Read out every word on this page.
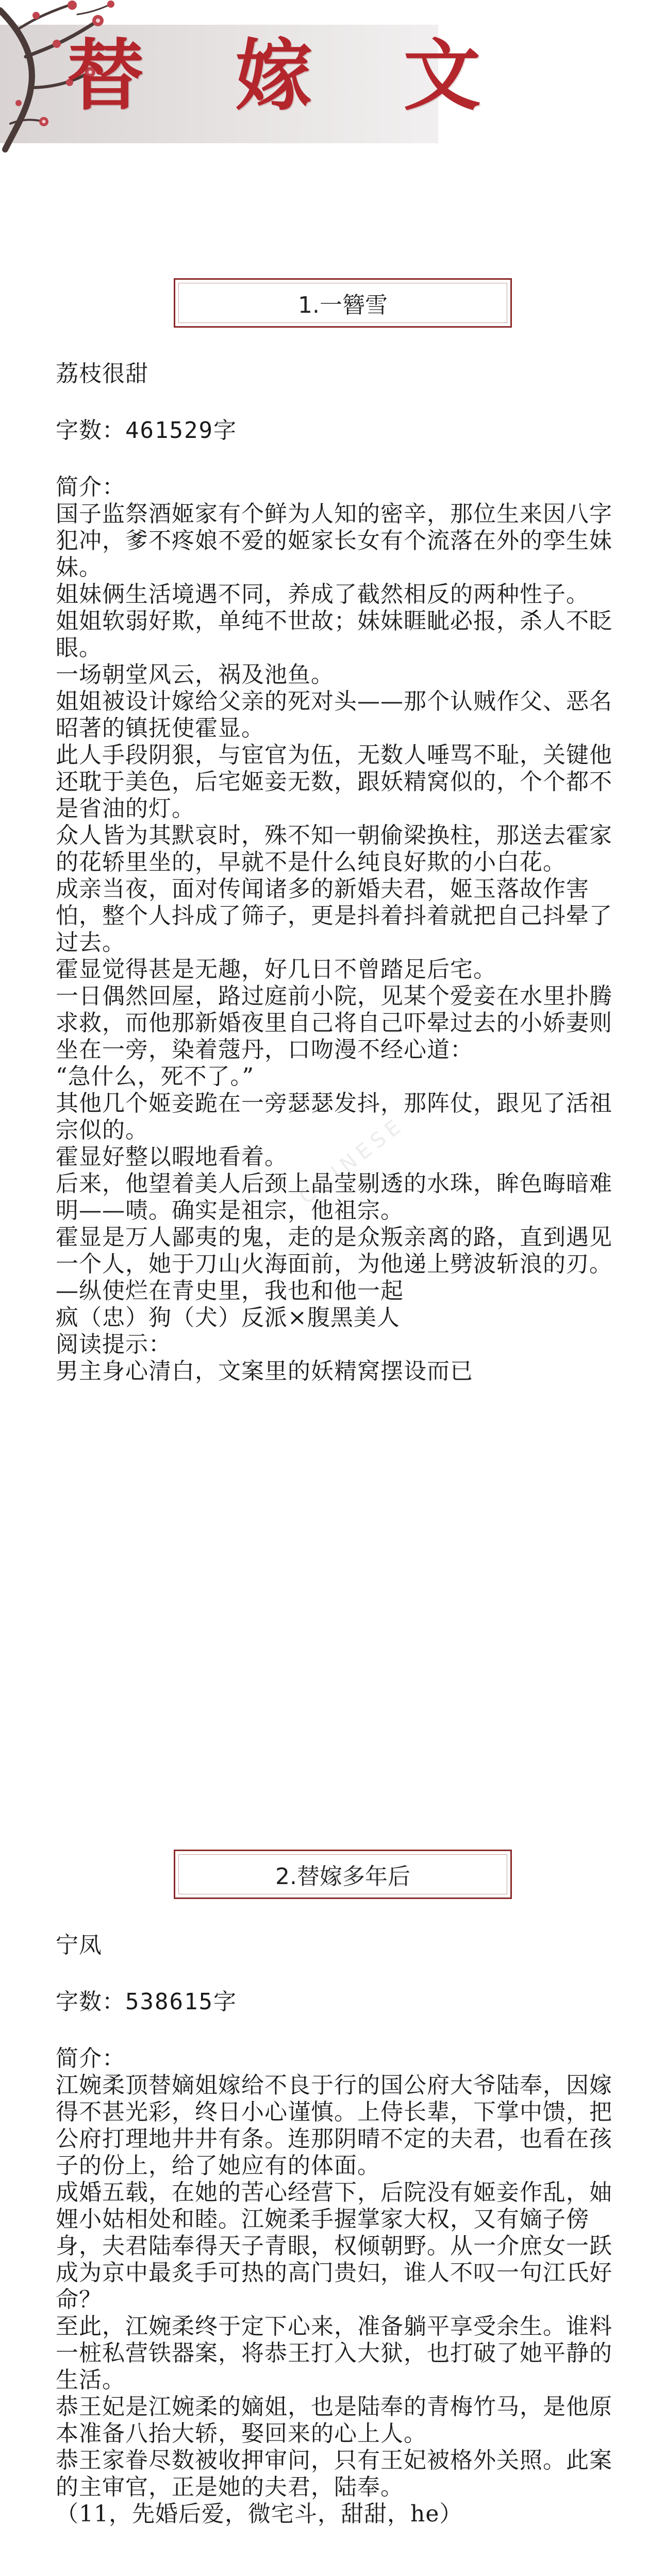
替 嫁 文
1.一簪雪
荔枝很甜
字数：461529字
简介：

国子监祭酒姬家有个鲜为人知的密辛，那位生来因八字犯冲，爹不疼娘不爱的姬家长女有个流落在外的孪生妹妹。

姐妹俩生活境遇不同，养成了截然相反的两种性子。

姐姐软弱好欺，单纯不世故；妹妹睚眦必报，杀人不眨眼。

一场朝堂风云，祸及池鱼。

姐姐被设计嫁给父亲的死对头——那个认贼作父、恶名昭著的镇抚使霍显。

此人手段阴狠，与宦官为伍，无数人唾骂不耻，关键他还耽于美色，后宅姬妾无数，跟妖精窝似的，个个都不是省油的灯。

众人皆为其默哀时，殊不知一朝偷梁换柱，那送去霍家的花轿里坐的，早就不是什么纯良好欺的小白花。

成亲当夜，面对传闻诸多的新婚夫君，姬玉落故作害怕，整个人抖成了筛子，更是抖着抖着就把自己抖晕了过去。

霍显觉得甚是无趣，好几日不曾踏足后宅。

一日偶然回屋，路过庭前小院，见某个爱妾在水里扑腾求救，而他那新婚夜里自己将自己吓晕过去的小娇妻则坐在一旁，染着蔻丹，口吻漫不经心道：

“急什么，死不了。”

其他几个姬妾跪在一旁瑟瑟发抖，那阵仗，跟见了活祖宗似的。

霍显好整以暇地看着。

后来，他望着美人后颈上晶莹剔透的水珠，眸色晦暗难明——啧。确实是祖宗，他祖宗。

霍显是万人鄙夷的鬼，走的是众叛亲离的路，直到遇见一个人，她于刀山火海面前，为他递上劈波斩浪的刃。

—纵使烂在青史里，我也和他一起

疯（忠）狗（犬）反派×腹黑美人

阅读提示：

男主身心清白，文案里的妖精窝摆设而已

CHINESE
2.替嫁多年后
宁凤
字数：538615字
简介：

江婉柔顶替嫡姐嫁给不良于行的国公府大爷陆奉，因嫁得不甚光彩，终日小心谨慎。上侍长辈，下掌中馈，把公府打理地井井有条。连那阴晴不定的夫君，也看在孩子的份上，给了她应有的体面。

成婚五载，在她的苦心经营下，后院没有姬妾作乱，妯娌小姑相处和睦。江婉柔手握掌家大权，又有嫡子傍身，夫君陆奉得天子青眼，权倾朝野。从一介庶女一跃成为京中最炙手可热的高门贵妇，谁人不叹一句江氏好命？

至此，江婉柔终于定下心来，准备躺平享受余生。谁料一桩私营铁器案，将恭王打入大狱，也打破了她平静的生活。

恭王妃是江婉柔的嫡姐，也是陆奉的青梅竹马，是他原本准备八抬大轿，娶回来的心上人。

恭王家眷尽数被收押审问，只有王妃被格外关照。此案的主审官，正是她的夫君，陆奉。

（11，先婚后爱，微宅斗，甜甜，he）
